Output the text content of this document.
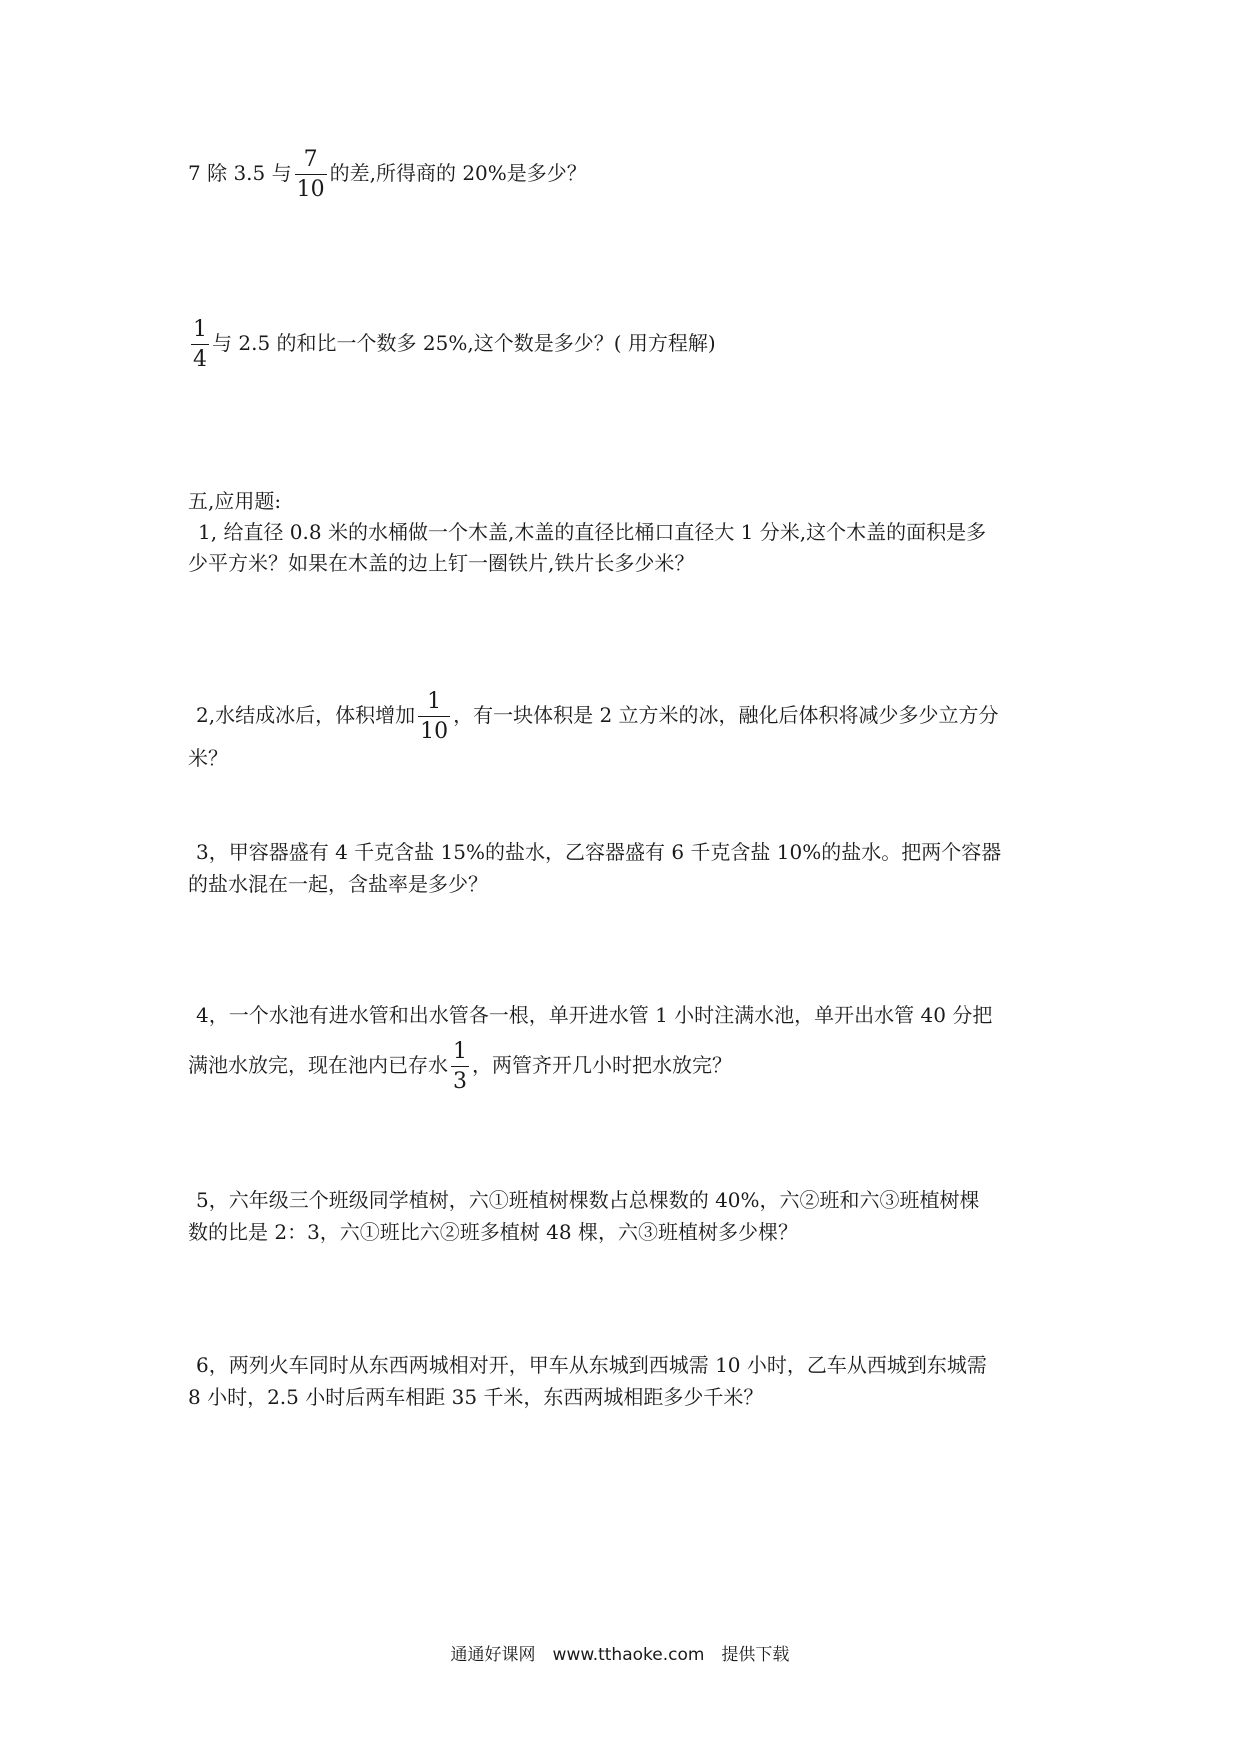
7 除 3.5 与 $\frac{7}{10}$ 的差,所得商的 20%是多少？
$\frac{1}{4}$ 与 2.5 的和比一个数多 25%,这个数是多少？( 用方程解)
五,应用题:
1, 给直径 0.8 米的水桶做一个木盖,木盖的直径比桶口直径大 1 分米,这个木盖的面积是多
少平方米？如果在木盖的边上钉一圈铁片,铁片长多少米？
2,水结成冰后，体积增加 $\frac{1}{10}$ ，有一块体积是 2 立方米的冰，融化后体积将减少多少立方分
米？
3，甲容器盛有 4 千克含盐 15%的盐水，乙容器盛有 6 千克含盐 10%的盐水。把两个容器
的盐水混在一起，含盐率是多少？
4，一个水池有进水管和出水管各一根，单开进水管 1 小时注满水池，单开出水管 40 分把
满池水放完，现在池内已存水 $\frac{1}{3}$ ，两管齐开几小时把水放完？
5，六年级三个班级同学植树，六①班植树棵数占总棵数的 40%，六②班和六③班植树棵
数的比是 2：3，六①班比六②班多植树 48 棵，六③班植树多少棵？
6，两列火车同时从东西两城相对开，甲车从东城到西城需 10 小时，乙车从西城到东城需
8 小时，2.5 小时后两车相距 35 千米，东西两城相距多少千米？
通通好课网　www.tthaoke.com　提供下载
